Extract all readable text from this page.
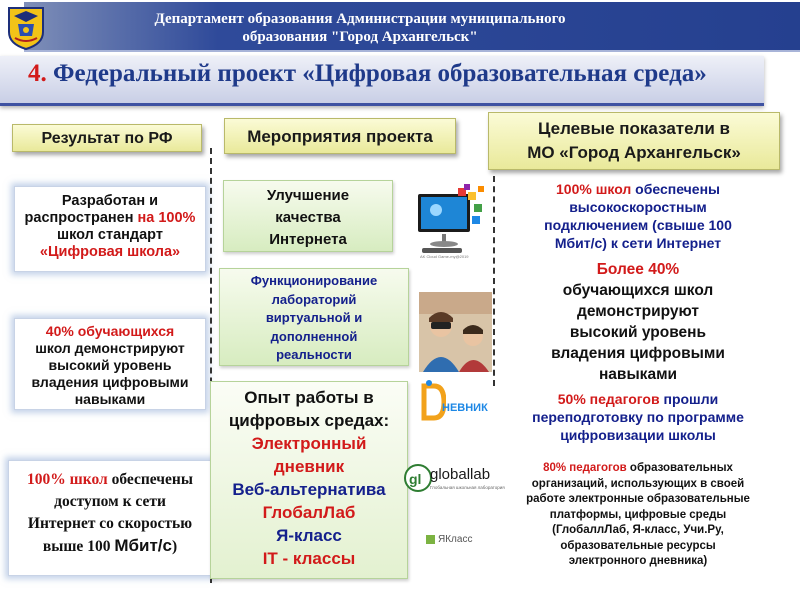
Департамент образования Администрации муниципального
образования "Город Архангельск"
4. Федеральный проект «Цифровая образовательная среда»
Результат по РФ
Разработан и
распространен на 100%
школ стандарт
«Цифровая школа»
40% обучающихся
школ демонстрируют
высокий уровень
владения цифровыми
навыками
100% школ обеспечены
доступом к сети
Интернет со скоростью
выше 100 Мбит/с)
Мероприятия проекта
Улучшение
качества
Интернета
Функционирование
лабораторий
виртуальной и
дополненной
реальности
Опыт работы в
цифровых средах:
Электронный
дневник
Веб-альтернатива
ГлобалЛаб
Я-класс
IT - классы
AK Cloud Game-my@2019
НЕВНИК
gl globallab
Глобальная школьная лаборатория
ЯКласс
Целевые показатели в
МО «Город Архангельск»
100% школ обеспечены
высокоскоростным
подключением (свыше 100
Мбит/с) к сети Интернет
Более 40%
обучающихся школ
демонстрируют
высокий уровень
владения цифровыми
навыками
50% педагогов прошли
переподготовку по программе
цифровизации школы
80% педагогов образовательных
организаций, использующих в своей
работе электронные образовательные
платформы, цифровые среды
(ГлобаллЛаб, Я-класс, Учи.Ру,
образовательные ресурсы
электронного дневника)
